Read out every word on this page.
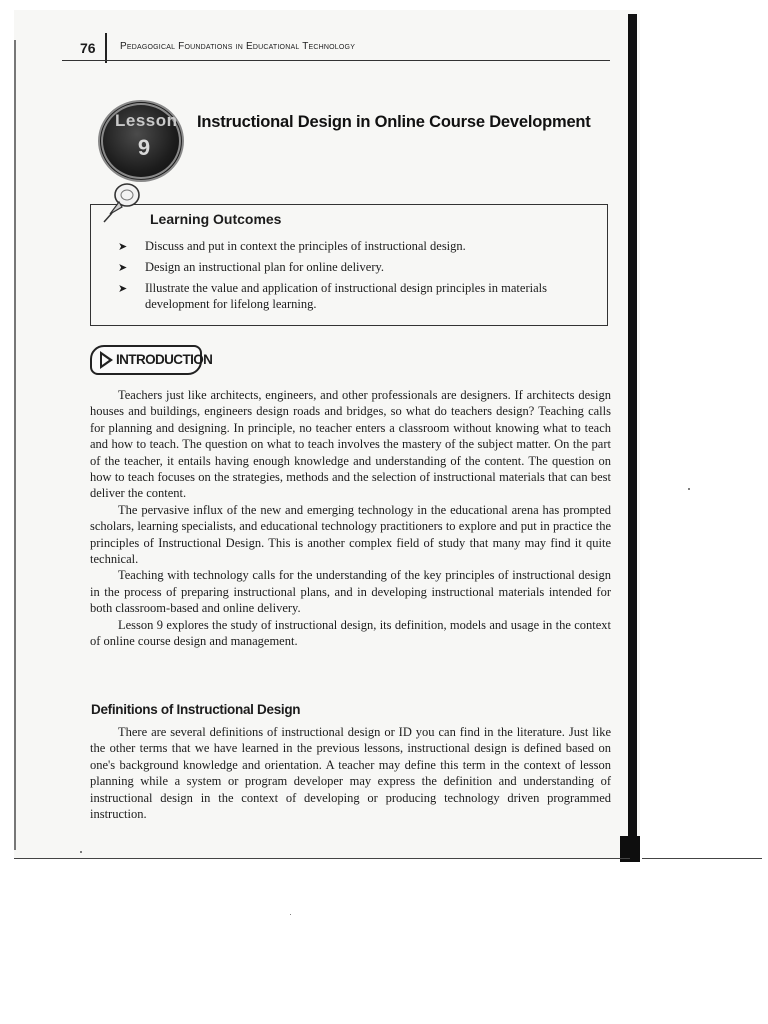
76 Pedagogical Foundations in Educational Technology
Lesson
9
Instructional Design in Online Course Development
Learning Outcomes
➤ Discuss and put in context the principles of instructional design.
➤ Design an instructional plan for online delivery.
➤ Illustrate the value and application of instructional design principles in materials development for lifelong learning.
INTRODUCTION

Teachers just like architects, engineers, and other professionals are designers. If architects design houses and buildings, engineers design roads and bridges, so what do teachers design? Teaching calls for planning and designing. In principle, no teacher enters a classroom without knowing what to teach and how to teach. The question on what to teach involves the mastery of the subject matter. On the part of the teacher, it entails having enough knowledge and understanding of the content. The question on how to teach focuses on the strategies, methods and the selection of instructional materials that can best deliver the content.

The pervasive influx of the new and emerging technology in the educational arena has prompted scholars, learning specialists, and educational technology practitioners to explore and put in practice the principles of Instructional Design. This is another complex field of study that many may find it quite technical.

Teaching with technology calls for the understanding of the key principles of instructional design in the process of preparing instructional plans, and in developing instructional materials intended for both classroom-based and online delivery.

Lesson 9 explores the study of instructional design, its definition, models and usage in the context of online course design and management.

Definitions of Instructional Design

There are several definitions of instructional design or ID you can find in the literature. Just like the other terms that we have learned in the previous lessons, instructional design is defined based on one's background knowledge and orientation. A teacher may define this term in the context of lesson planning while a system or program developer may express the definition and understanding of instructional design in the context of developing or producing technology driven programmed instruction.
